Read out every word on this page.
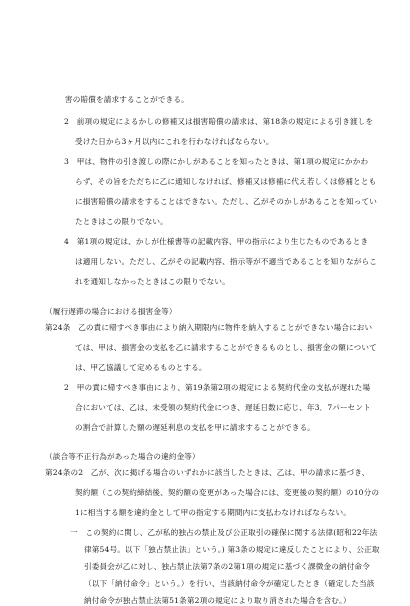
害の賠償を請求することができる。
2　前項の規定によるかしの修補又は損害賠償の請求は、第18条の規定による引き渡しを
受けた日から3ヶ月以内にこれを行わなければならない。
3　甲は、物件の引き渡しの際にかしがあることを知ったときは、第1項の規定にかかわ
らず、その旨をただちに乙に通知しなければ、修補又は修補に代え若しくは修補ととも
に損害賠償の請求をすることはできない。ただし、乙がそのかしがあることを知ってい
たときはこの限りでない。
4　第1項の規定は、かしが仕様書等の記載内容、甲の指示により生じたものであるとき
は適用しない。ただし、乙がその記載内容、指示等が不適当であることを知りながらこ
れを通知しなかったときはこの限りでない。
（履行遅滞の場合における損害金等）
第24条　乙の責に帰すべき事由により納入期限内に物件を納入することができない場合におい
ては、甲は、損害金の支払を乙に請求することができるものとし、損害金の額について
は、甲乙協議して定めるものとする。
2　甲の責に帰すべき事由により、第19条第2項の規定による契約代金の支払が遅れた場
合においては、乙は、未受領の契約代金につき、遅延日数に応じ、年3．7パーセント
の割合で計算した額の遅延利息の支払を甲に請求することができる。
（談合等不正行為があった場合の違約金等）
第24条の2　乙が、次に掲げる場合のいずれかに該当したときは、乙は、甲の請求に基づき、
契約額（この契約締結後、契約額の変更があった場合には、変更後の契約額）の10分の
1に相当する額を違約金として甲の指定する期間内に支払わなければならない。
一　この契約に関し、乙が私的独占の禁止及び公正取引の確保に関する法律(昭和22年法
律第54号。以下「独占禁止法」という。) 第3条の規定に違反したことにより、公正取
引委員会が乙に対し、独占禁止法第7条の2第1項の規定に基づく課徴金の納付命令
（以下「納付命令」という。）を行い、当該納付命令が確定したとき（確定した当該
納付命令が独占禁止法第51条第2項の規定により取り消された場合を含む。）
